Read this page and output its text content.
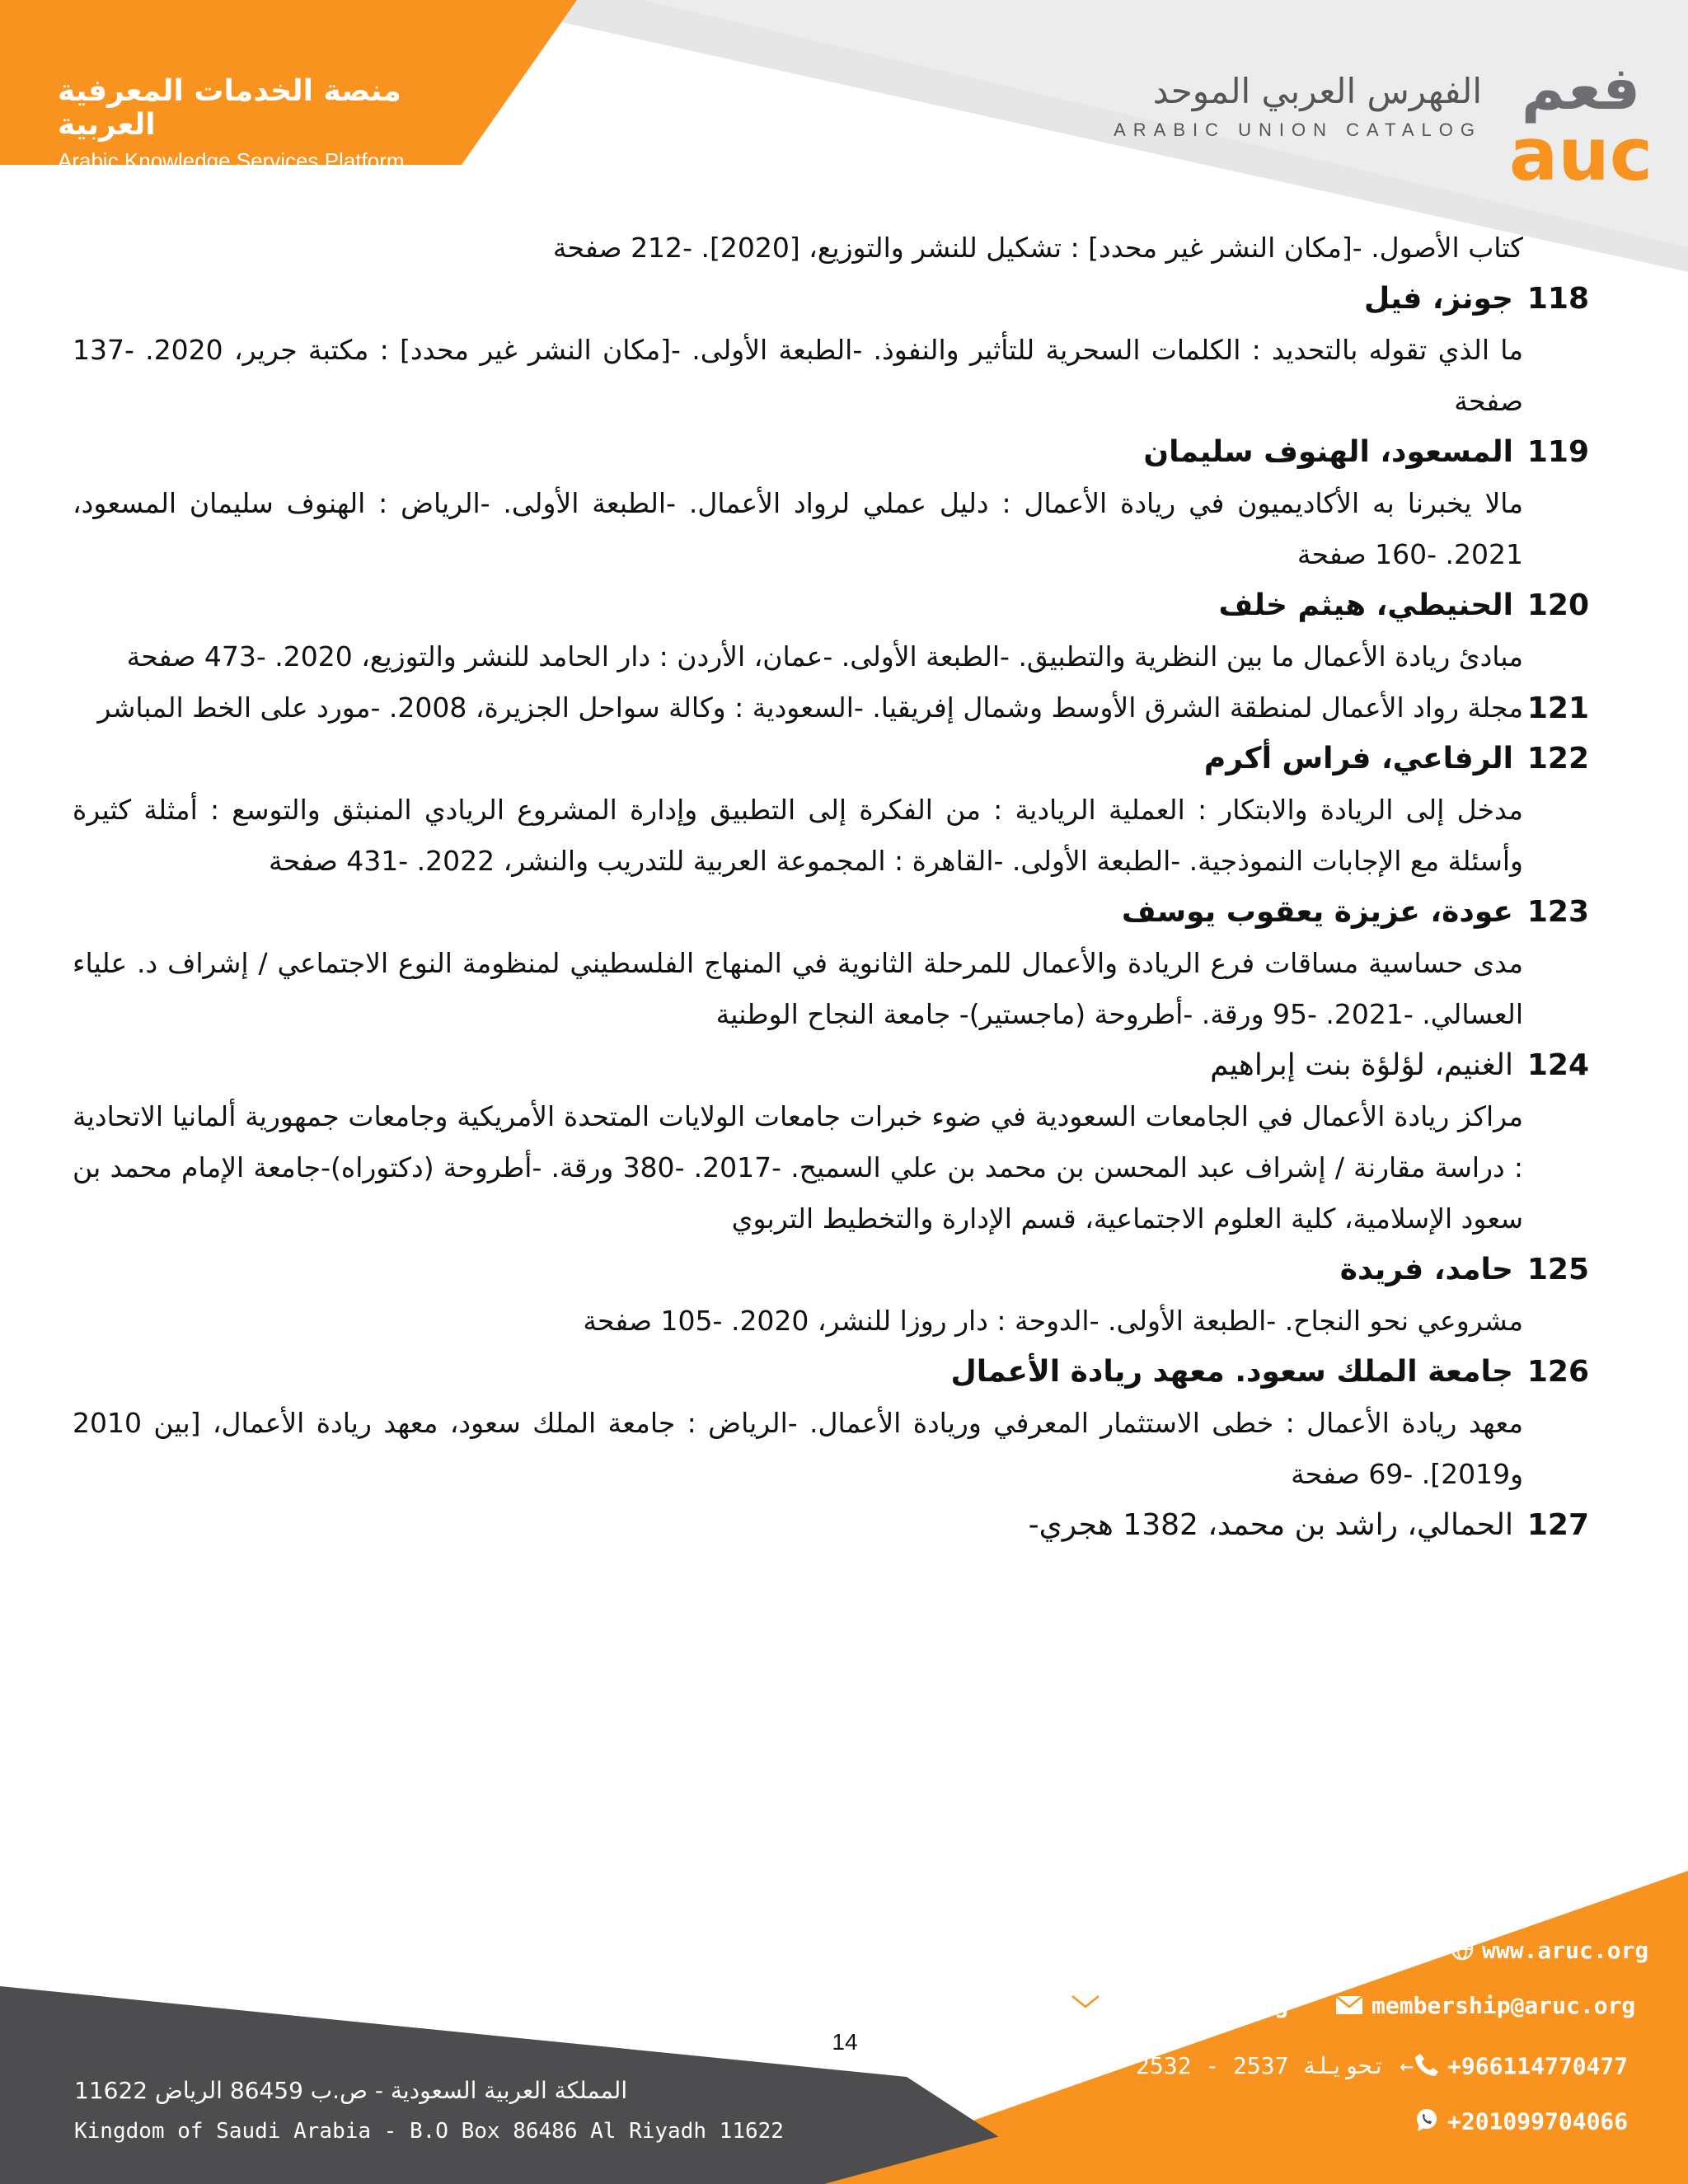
منصة الخدمات المعرفية العربية
Arabic Knowledge Services Platform
الفهرس العربي الموحد
ARABIC UNION CATALOG
فعم
auc
كتاب الأصول. -[مكان النشر غير محدد] : تشكيل للنشر والتوزيع، [2020]. -212 صفحة
118
جونز، فيل
ما الذي تقوله بالتحديد : الكلمات السحرية للتأثير والنفوذ. -الطبعة الأولى. -[مكان النشر غير محدد] : مكتبة جرير، 2020. -137 صفحة
119
المسعود، الهنوف سليمان
مالا يخبرنا به الأكاديميون في ريادة الأعمال : دليل عملي لرواد الأعمال. -الطبعة الأولى. -الرياض : الهنوف سليمان المسعود، 2021. -160 صفحة
120
الحنيطي، هيثم خلف
مبادئ ريادة الأعمال ما بين النظرية والتطبيق. -الطبعة الأولى. -عمان، الأردن : دار الحامد للنشر والتوزيع، 2020. -473 صفحة
121
مجلة رواد الأعمال لمنطقة الشرق الأوسط وشمال إفريقيا. -السعودية : وكالة سواحل الجزيرة، 2008. -مورد على الخط المباشر
122
الرفاعي، فراس أكرم
مدخل إلى الريادة والابتكار : العملية الريادية : من الفكرة إلى التطبيق وإدارة المشروع الريادي المنبثق والتوسع : أمثلة كثيرة وأسئلة مع الإجابات النموذجية. -الطبعة الأولى. -القاهرة : المجموعة العربية للتدريب والنشر، 2022. -431 صفحة
123
عودة، عزيزة يعقوب يوسف
مدى حساسية مساقات فرع الريادة والأعمال للمرحلة الثانوية في المنهاج الفلسطيني لمنظومة النوع الاجتماعي / إشراف د. علياء العسالي. -2021. -95 ورقة. -أطروحة (ماجستير)- جامعة النجاح الوطنية
124
الغنيم، لؤلؤة بنت إبراهيم
مراكز ريادة الأعمال في الجامعات السعودية في ضوء خبرات جامعات الولايات المتحدة الأمريكية وجامعات جمهورية ألمانيا الاتحادية : دراسة مقارنة / إشراف عبد المحسن بن محمد بن علي السميح. -2017. -380 ورقة. -أطروحة (دكتوراه)-جامعة الإمام محمد بن سعود الإسلامية، كلية العلوم الاجتماعية، قسم الإدارة والتخطيط التربوي
125
حامد، فريدة
مشروعي نحو النجاح. -الطبعة الأولى. -الدوحة : دار روزا للنشر، 2020. -105 صفحة
126
جامعة الملك سعود. معهد ريادة الأعمال
معهد ريادة الأعمال : خطى الاستثمار المعرفي وريادة الأعمال. -الرياض : جامعة الملك سعود، معهد ريادة الأعمال، [بين 2010 و2019]. -69 صفحة
127
الحمالي، راشد بن محمد، 1382 هجري-
14
المملكة العربية السعودية - ص.ب 86459 الرياض 11622
Kingdom of Saudi Arabia - B.O Box 86486 Al Riyadh 11622
www.aruc.org
info@aruc.org	membership@aruc.org
2532 - 2537 تحويلة ←	+966114770477
+201099704066
